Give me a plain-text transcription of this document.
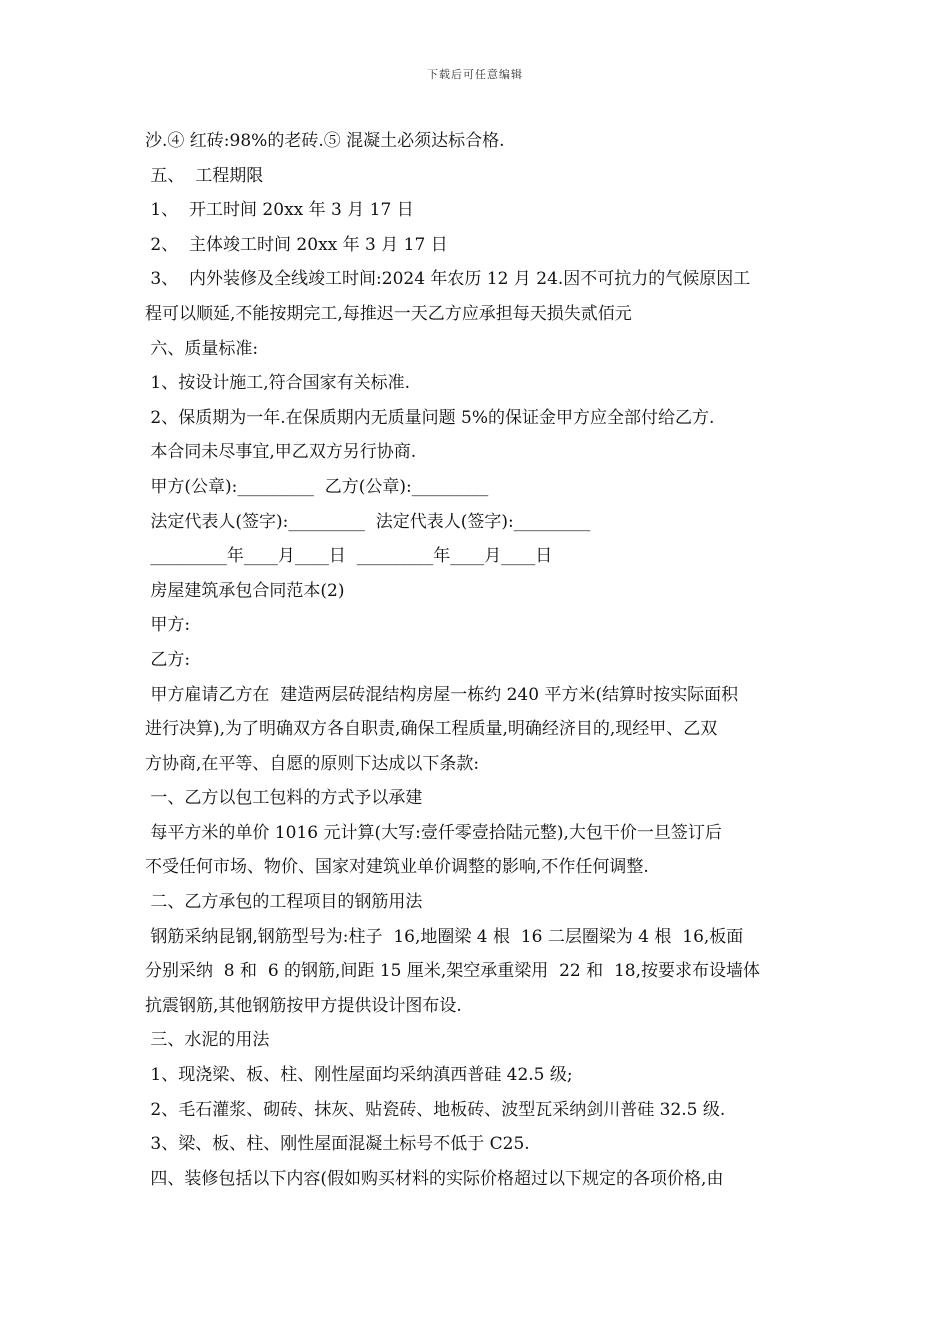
下载后可任意编辑
沙.④ 红砖:98%的老砖.⑤ 混凝土必须达标合格.
五、  工程期限
1、  开工时间 20xx 年 3 月 17 日
2、  主体竣工时间 20xx 年 3 月 17 日
3、  内外装修及全线竣工时间:2024 年农历 12 月 24.因不可抗力的气候原因工
程可以顺延,不能按期完工,每推迟一天乙方应承担每天损失贰佰元
六、质量标准:
1、按设计施工,符合国家有关标准.
2、保质期为一年.在保质期内无质量问题 5%的保证金甲方应全部付给乙方.
本合同未尽事宜,甲乙双方另行协商.
甲方(公章):_________  乙方(公章):_________
法定代表人(签字):_________  法定代表人(签字):_________
_________年____月____日  _________年____月____日
房屋建筑承包合同范本(2)
甲方:
乙方:
甲方雇请乙方在  建造两层砖混结构房屋一栋约 240 平方米(结算时按实际面积
进行决算),为了明确双方各自职责,确保工程质量,明确经济目的,现经甲、乙双
方协商,在平等、自愿的原则下达成以下条款:
一、乙方以包工包料的方式予以承建
每平方米的单价 1016 元计算(大写:壹仟零壹拾陆元整),大包干价一旦签订后
不受任何市场、物价、国家对建筑业单价调整的影响,不作任何调整.
二、乙方承包的工程项目的钢筋用法
钢筋采纳昆钢,钢筋型号为:柱子  16,地圈梁 4 根  16 二层圈梁为 4 根  16,板面
分别采纳  8 和  6 的钢筋,间距 15 厘米,架空承重梁用  22 和  18,按要求布设墙体
抗震钢筋,其他钢筋按甲方提供设计图布设.
三、水泥的用法
1、现浇梁、板、柱、刚性屋面均采纳滇西普硅 42.5 级;
2、毛石灌浆、砌砖、抹灰、贴瓷砖、地板砖、波型瓦采纳剑川普硅 32.5 级.
3、梁、板、柱、刚性屋面混凝土标号不低于 C25.
四、装修包括以下内容(假如购买材料的实际价格超过以下规定的各项价格,由
